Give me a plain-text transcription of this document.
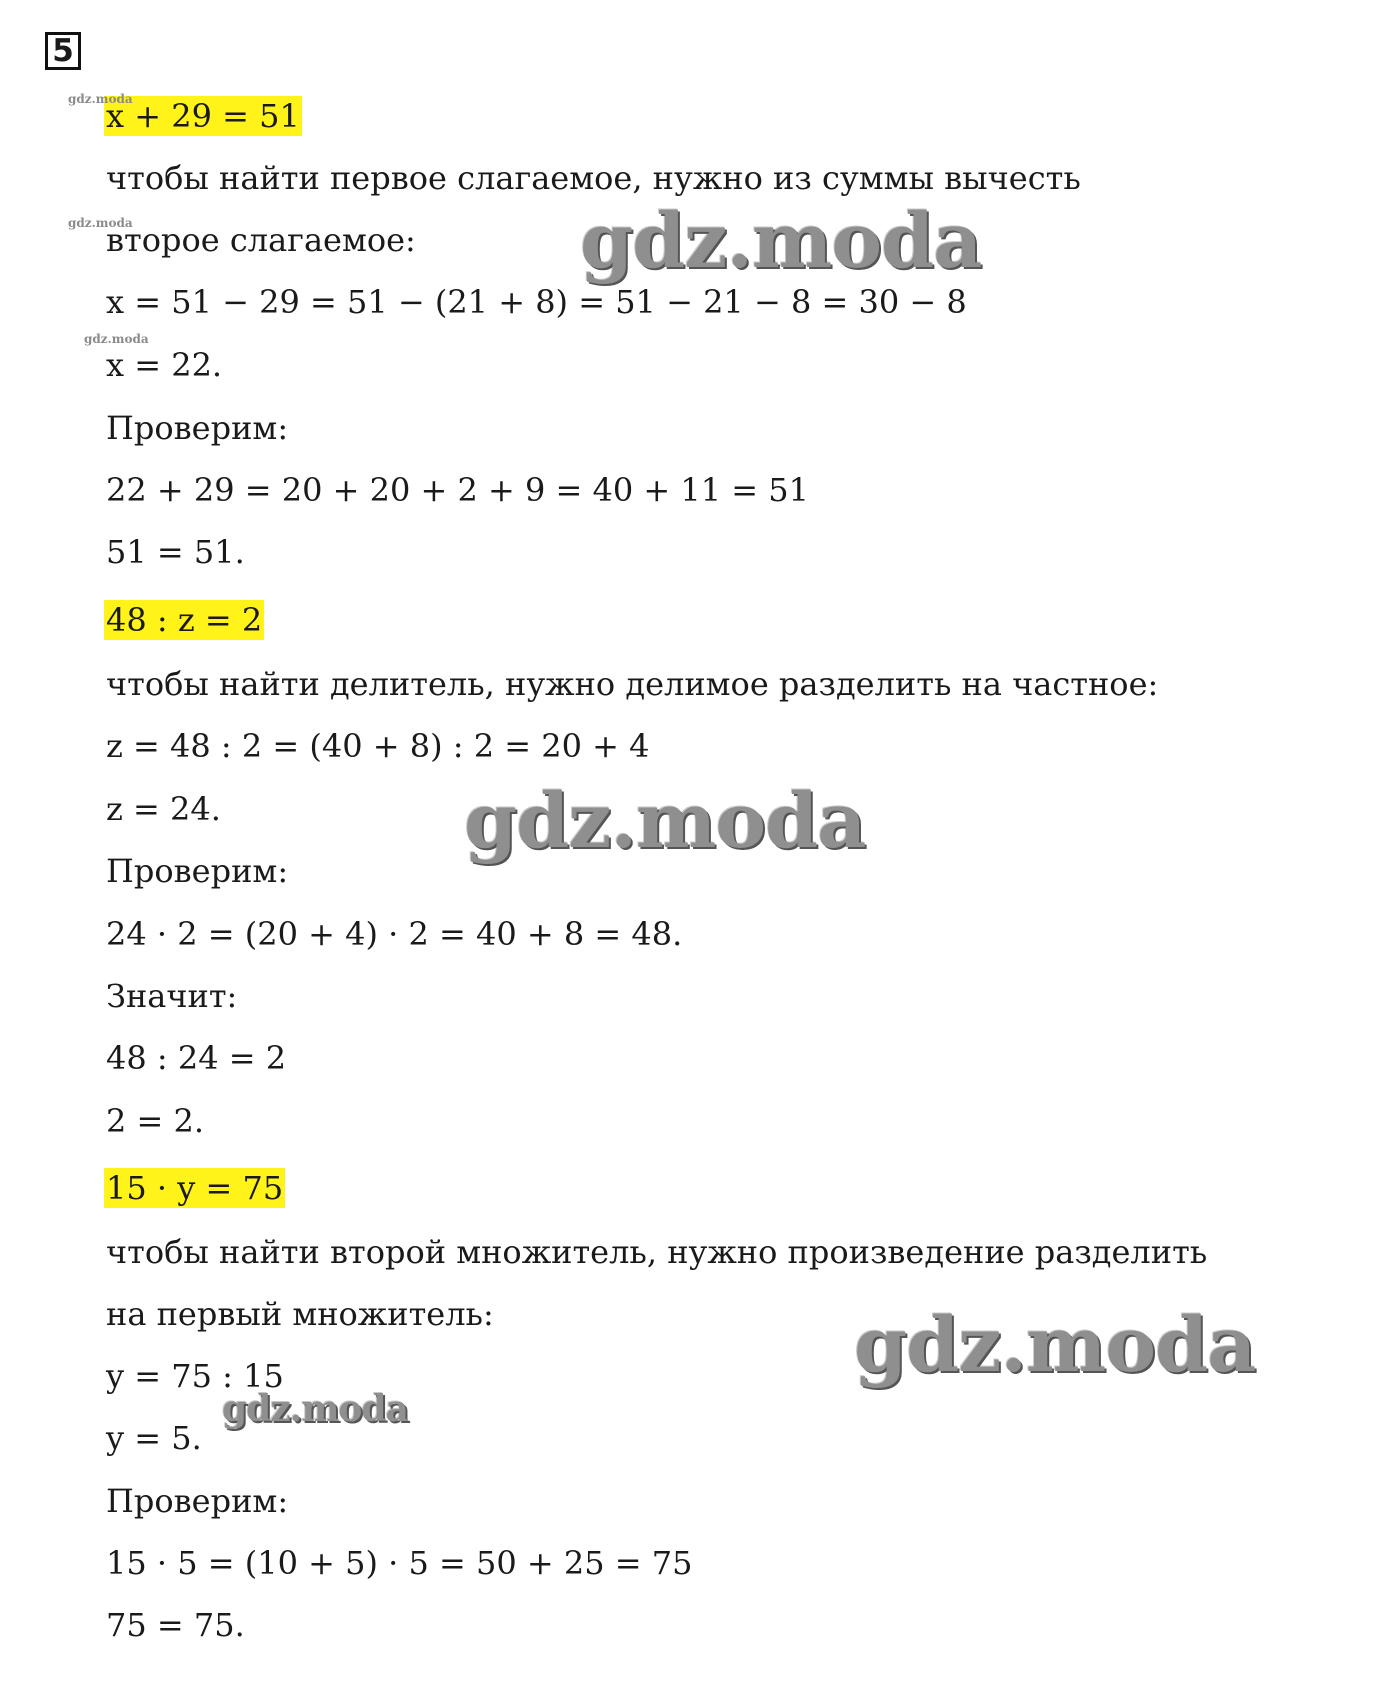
5
x + 29 = 51
чтобы найти первое слагаемое, нужно из суммы вычесть
второе слагаемое:
x = 51 − 29 = 51 − (21 + 8) = 51 − 21 − 8 = 30 − 8
x = 22.
Проверим:
22 + 29 = 20 + 20 + 2 + 9 = 40 + 11 = 51
51 = 51.
48 : z = 2
чтобы найти делитель, нужно делимое разделить на частное:
z = 48 : 2 = (40 + 8) : 2 = 20 + 4
z = 24.
Проверим:
24 · 2 = (20 + 4) · 2 = 40 + 8 = 48.
Значит:
48 : 24 = 2
2 = 2.
15 · y = 75
чтобы найти второй множитель, нужно произведение разделить
на первый множитель:
y = 75 : 15
y = 5.
Проверим:
15 · 5 = (10 + 5) · 5 = 50 + 25 = 75
75 = 75.
gdz.moda
gdz.moda
gdz.moda
gdz.moda
gdz.moda
gdz.moda
gdz.moda
